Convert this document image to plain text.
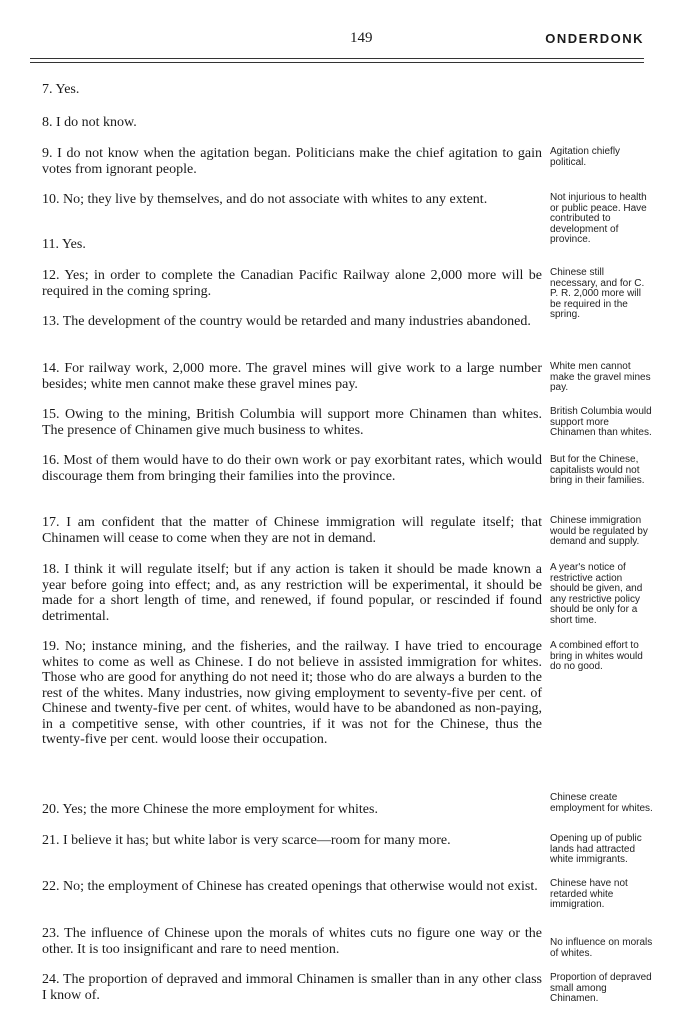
149	ONDERDONK

7. Yes.

8. I do not know.

9. I do not know when the agitation began. Politicians make the chief agitation to gain votes from ignorant people.

10. No; they live by themselves, and do not associate with whites to any extent.

11. Yes.

12. Yes; in order to complete the Canadian Pacific Railway alone 2,000 more will be required in the coming spring.

13. The development of the country would be retarded and many industries abandoned.

14. For railway work, 2,000 more. The gravel mines will give work to a large number besides; white men cannot make these gravel mines pay.

15. Owing to the mining, British Columbia will support more Chinamen than whites. The presence of Chinamen give much business to whites.

16. Most of them would have to do their own work or pay exorbitant rates, which would discourage them from bringing their families into the province.

17. I am confident that the matter of Chinese immigration will regulate itself; that Chinamen will cease to come when they are not in demand.

18. I think it will regulate itself; but if any action is taken it should be made known a year before going into effect; and, as any restriction will be experimental, it should be made for a short length of time, and renewed, if found popular, or rescinded if found detrimental.

19. No; instance mining, and the fisheries, and the railway. I have tried to encourage whites to come as well as Chinese. I do not believe in assisted immigration for whites. Those who are good for anything do not need it; those who do are always a burden to the rest of the whites. Many industries, now giving employment to seventy-five per cent. of Chinese and twenty-five per cent. of whites, would have to be abandoned as non-paying, in a competitive sense, with other countries, if it was not for the Chinese, thus the twenty-five per cent. would loose their occupation.

20. Yes; the more Chinese the more employment for whites.

21. I believe it has; but white labor is very scarce—room for many more.

22. No; the employment of Chinese has created openings that otherwise would not exist.

23. The influence of Chinese upon the morals of whites cuts no figure one way or the other. It is too insignificant and rare to need mention.

24. The proportion of depraved and immoral Chinamen is smaller than in any other class I know of.

Agitation chiefly political.
Not injurious to health or public peace. Have contributed to development of province.
Chinese still necessary, and for C. P. R. 2,000 more will be required in the spring.
White men cannot make the gravel mines pay.
British Columbia would support more Chinamen than whites.
But for the Chinese, capitalists would not bring in their families.
Chinese immigration would be regulated by demand and supply.
A year's notice of restrictive action should be given, and any restrictive policy should be only for a short time.
A combined effort to bring in whites would do no good.
Chinese create employment for whites.
Opening up of public lands had attracted white immigrants.
Chinese have not retarded white immigration.
No influence on morals of whites.
Proportion of depraved small among Chinamen.
